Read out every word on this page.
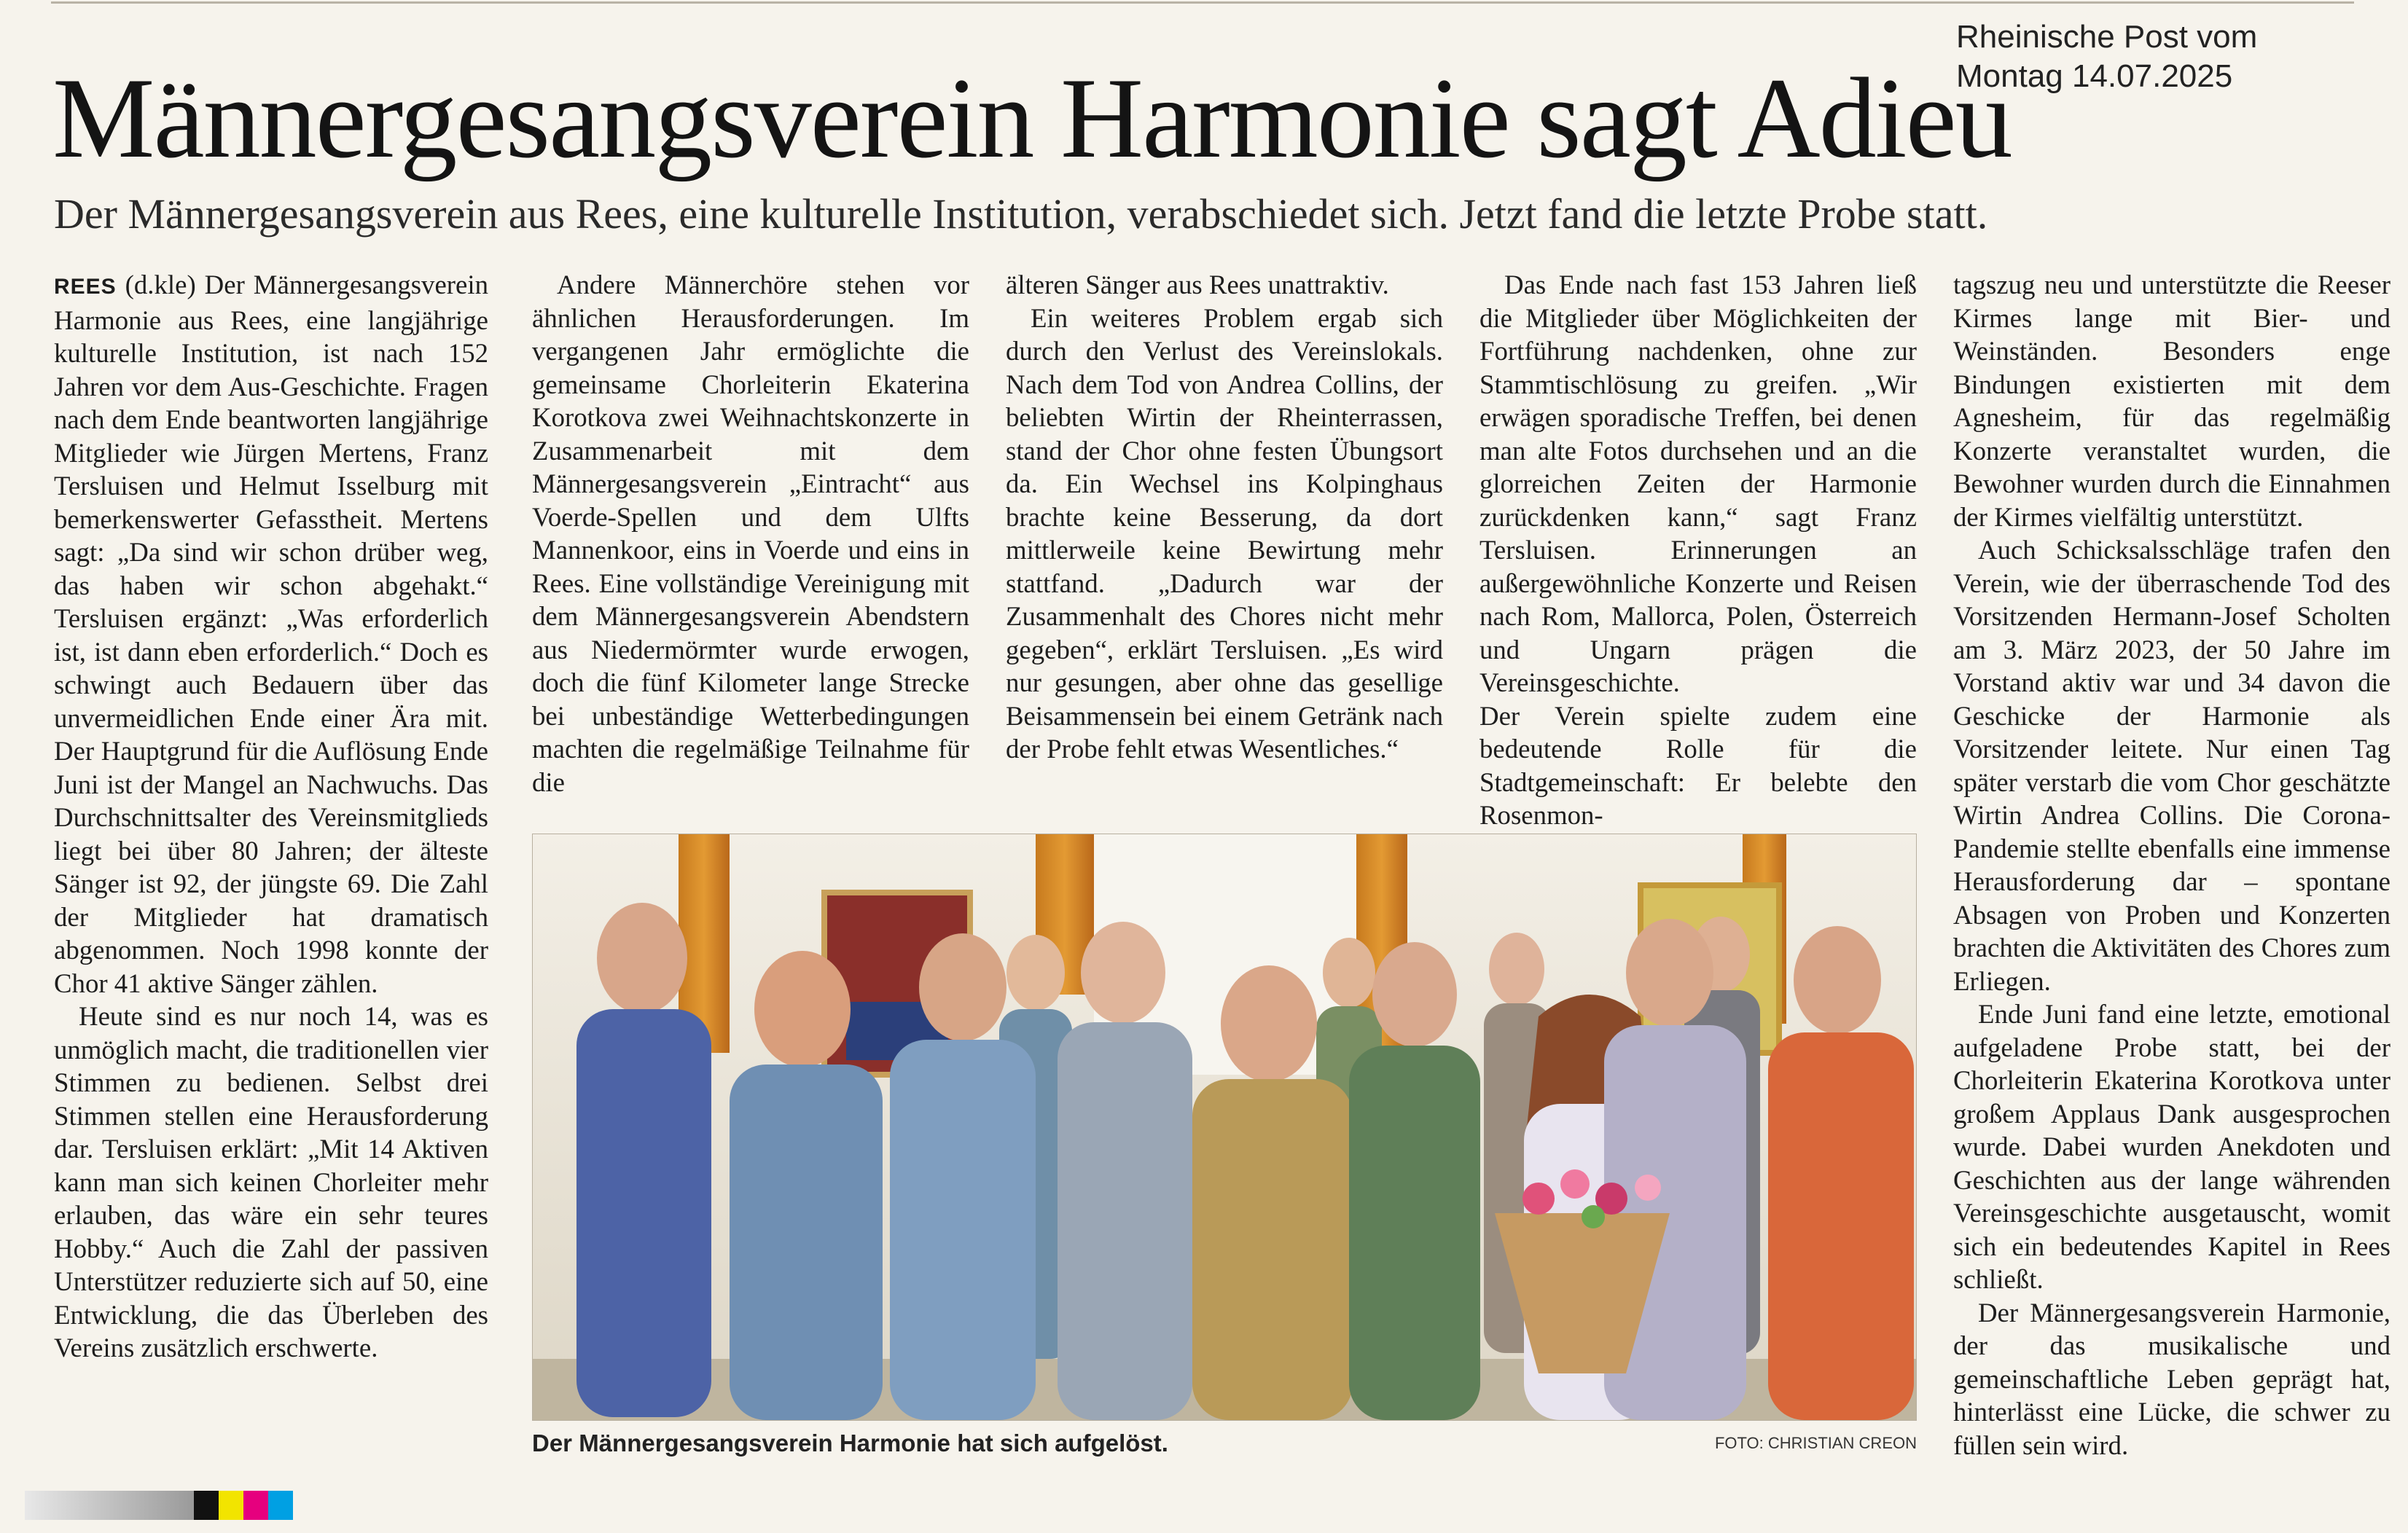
Rheinische Post vom
Montag 14.07.2025
Männergesangsverein Harmonie sagt Adieu
Der Männergesangsverein aus Rees, eine kulturelle Institution, verabschiedet sich. Jetzt fand die letzte Probe statt.

REES (d.kle) Der Männergesangsverein Harmonie aus Rees, eine langjährige kulturelle Institution, ist nach 152 Jahren vor dem Aus-Geschichte. Fragen nach dem Ende beantworten langjährige Mitglieder wie Jürgen Mertens, Franz Tersluisen und Helmut Isselburg mit bemerkenswerter Gefasstheit. Mertens sagt: „Da sind wir schon drüber weg, das haben wir schon abgehakt.“ Tersluisen ergänzt: „Was erforderlich ist, ist dann eben erforderlich.“ Doch es schwingt auch Bedauern über das unvermeidlichen Ende einer Ära mit. Der Hauptgrund für die Auflösung Ende Juni ist der Mangel an Nachwuchs. Das Durchschnittsalter des Vereinsmitglieds liegt bei über 80 Jahren; der älteste Sänger ist 92, der jüngste 69. Die Zahl der Mitglieder hat dramatisch abgenommen. Noch 1998 konnte der Chor 41 aktive Sänger zählen.

Heute sind es nur noch 14, was es unmöglich macht, die traditionellen vier Stimmen zu bedienen. Selbst drei Stimmen stellen eine Herausforderung dar. Tersluisen erklärt: „Mit 14 Aktiven kann man sich keinen Chorleiter mehr erlauben, das wäre ein sehr teures Hobby.“ Auch die Zahl der passiven Unterstützer reduzierte sich auf 50, eine Entwicklung, die das Überleben des Vereins zusätzlich erschwerte.

Andere Männerchöre stehen vor ähnlichen Herausforderungen. Im vergangenen Jahr ermöglichte die gemeinsame Chorleiterin Ekaterina Korotkova zwei Weihnachtskonzerte in Zusammenarbeit mit dem Männergesangsverein „Eintracht“ aus Voerde-Spellen und dem Ulfts Mannenkoor, eins in Voerde und eins in Rees. Eine vollständige Vereinigung mit dem Männergesangsverein Abendstern aus Niedermörmter wurde erwogen, doch die fünf Kilometer lange Strecke bei unbeständige Wetterbedingungen machten die regelmäßige Teilnahme für die

älteren Sänger aus Rees unattraktiv.

Ein weiteres Problem ergab sich durch den Verlust des Vereinslokals. Nach dem Tod von Andrea Collins, der beliebten Wirtin der Rheinterrassen, stand der Chor ohne festen Übungsort da. Ein Wechsel ins Kolpinghaus brachte keine Besserung, da dort mittlerweile keine Bewirtung mehr stattfand. „Dadurch war der Zusammenhalt des Chores nicht mehr gegeben“, erklärt Tersluisen. „Es wird nur gesungen, aber ohne das gesellige Beisammensein bei einem Getränk nach der Probe fehlt etwas Wesentliches.“

Das Ende nach fast 153 Jahren ließ die Mitglieder über Möglichkeiten der Fortführung nachdenken, ohne zur Stammtischlösung zu greifen. „Wir erwägen sporadische Treffen, bei denen man alte Fotos durchsehen und an die glorreichen Zeiten der Harmonie zurückdenken kann,“ sagt Franz Tersluisen. Erinnerungen an außergewöhnliche Konzerte und Reisen nach Rom, Mallorca, Polen, Österreich und Ungarn prägen die Vereinsgeschichte.

Der Verein spielte zudem eine bedeutende Rolle für die Stadtgemeinschaft: Er belebte den Rosenmon-

tagszug neu und unterstützte die Reeser Kirmes lange mit Bier- und Weinständen. Besonders enge Bindungen existierten mit dem Agnesheim, für das regelmäßig Konzerte veranstaltet wurden, die Bewohner wurden durch die Einnahmen der Kirmes vielfältig unterstützt.

Auch Schicksalsschläge trafen den Verein, wie der überraschende Tod des Vorsitzenden Hermann-Josef Scholten am 3. März 2023, der 50 Jahre im Vorstand aktiv war und 34 davon die Geschicke der Harmonie als Vorsitzender leitete. Nur einen Tag später verstarb die vom Chor geschätzte Wirtin Andrea Collins. Die Corona-Pandemie stellte ebenfalls eine immense Herausforderung dar – spontane Absagen von Proben und Konzerten brachten die Aktivitäten des Chores zum Erliegen.

Ende Juni fand eine letzte, emotional aufgeladene Probe statt, bei der Chorleiterin Ekaterina Korotkova unter großem Applaus Dank ausgesprochen wurde. Dabei wurden Anekdoten und Geschichten aus der lange währenden Vereinsgeschichte ausgetauscht, womit sich ein bedeutendes Kapitel in Rees schließt.

Der Männergesangsverein Harmonie, der das musikalische und gemeinschaftliche Leben geprägt hat, hinterlässt eine Lücke, die schwer zu füllen sein wird.

Der Männergesangsverein Harmonie hat sich aufgelöst.	FOTO: CHRISTIAN CREON
